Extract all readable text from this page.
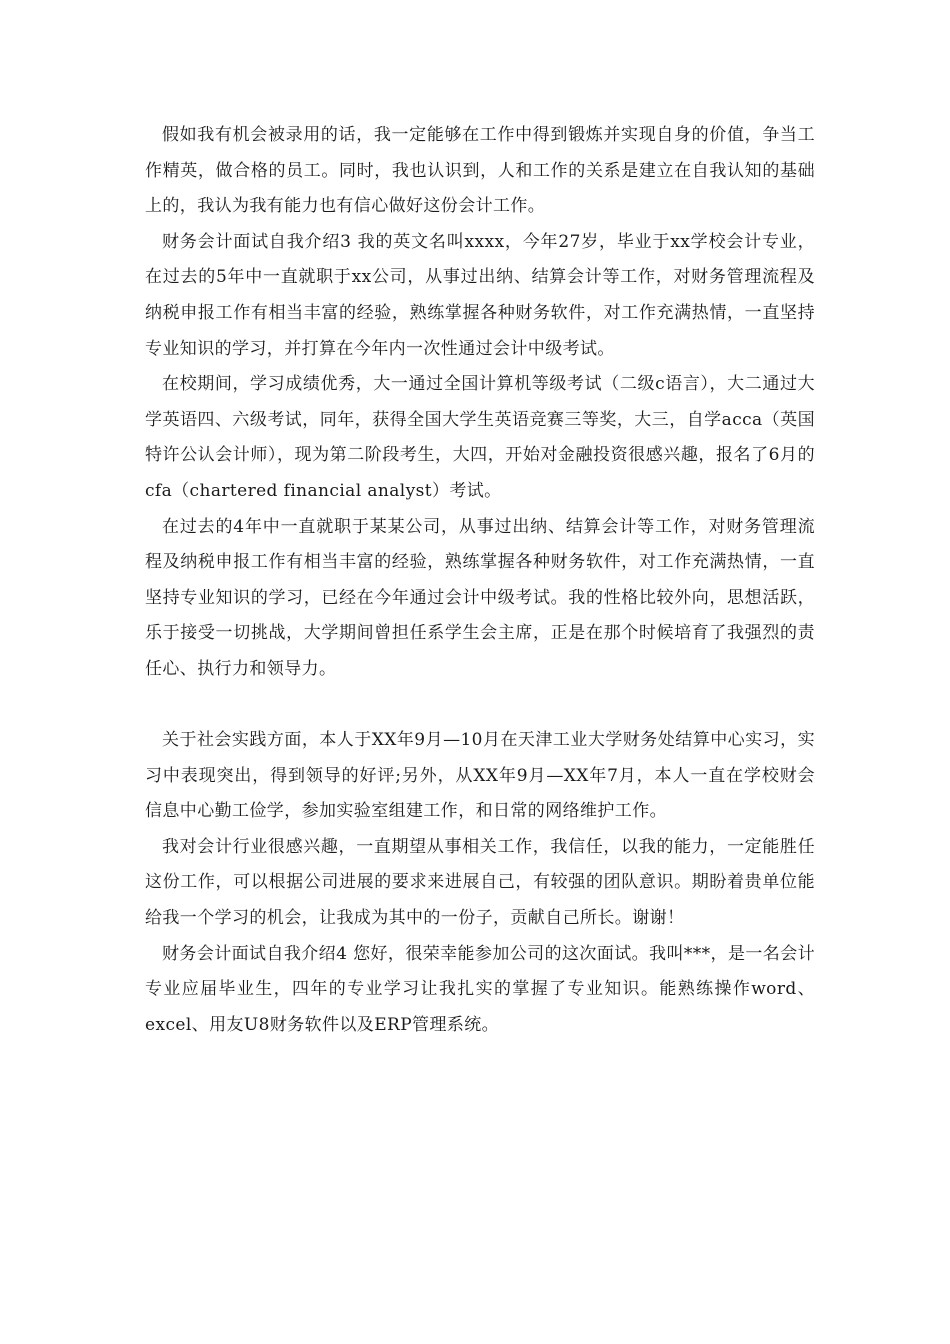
假如我有机会被录用的话，我一定能够在工作中得到锻炼并实现自身的价值，争当工作精英，做合格的员工。同时，我也认识到，人和工作的关系是建立在自我认知的基础上的，我认为我有能力也有信心做好这份会计工作。

财务会计面试自我介绍3 我的英文名叫xxxx，今年27岁，毕业于xx学校会计专业，在过去的5年中一直就职于xx公司，从事过出纳、结算会计等工作，对财务管理流程及纳税申报工作有相当丰富的经验，熟练掌握各种财务软件，对工作充满热情，一直坚持专业知识的学习，并打算在今年内一次性通过会计中级考试。

在校期间，学习成绩优秀，大一通过全国计算机等级考试（二级c语言），大二通过大学英语四、六级考试，同年，获得全国大学生英语竞赛三等奖，大三，自学acca（英国特许公认会计师），现为第二阶段考生，大四，开始对金融投资很感兴趣，报名了6月的cfa（chartered financial analyst）考试。

在过去的4年中一直就职于某某公司，从事过出纳、结算会计等工作，对财务管理流程及纳税申报工作有相当丰富的经验，熟练掌握各种财务软件，对工作充满热情，一直坚持专业知识的学习，已经在今年通过会计中级考试。我的性格比较外向，思想活跃，乐于接受一切挑战，大学期间曾担任系学生会主席，正是在那个时候培育了我强烈的责任心、执行力和领导力。

关于社会实践方面，本人于XX年9月—10月在天津工业大学财务处结算中心实习，实习中表现突出，得到领导的好评;另外，从XX年9月—XX年7月，本人一直在学校财会信息中心勤工俭学，参加实验室组建工作，和日常的网络维护工作。

我对会计行业很感兴趣，一直期望从事相关工作，我信任，以我的能力，一定能胜任这份工作，可以根据公司进展的要求来进展自己，有较强的团队意识。期盼着贵单位能给我一个学习的机会，让我成为其中的一份子，贡献自己所长。谢谢！

财务会计面试自我介绍4 您好，很荣幸能参加公司的这次面试。我叫***，是一名会计专业应届毕业生，四年的专业学习让我扎实的掌握了专业知识。能熟练操作word、excel、用友U8财务软件以及ERP管理系统。
